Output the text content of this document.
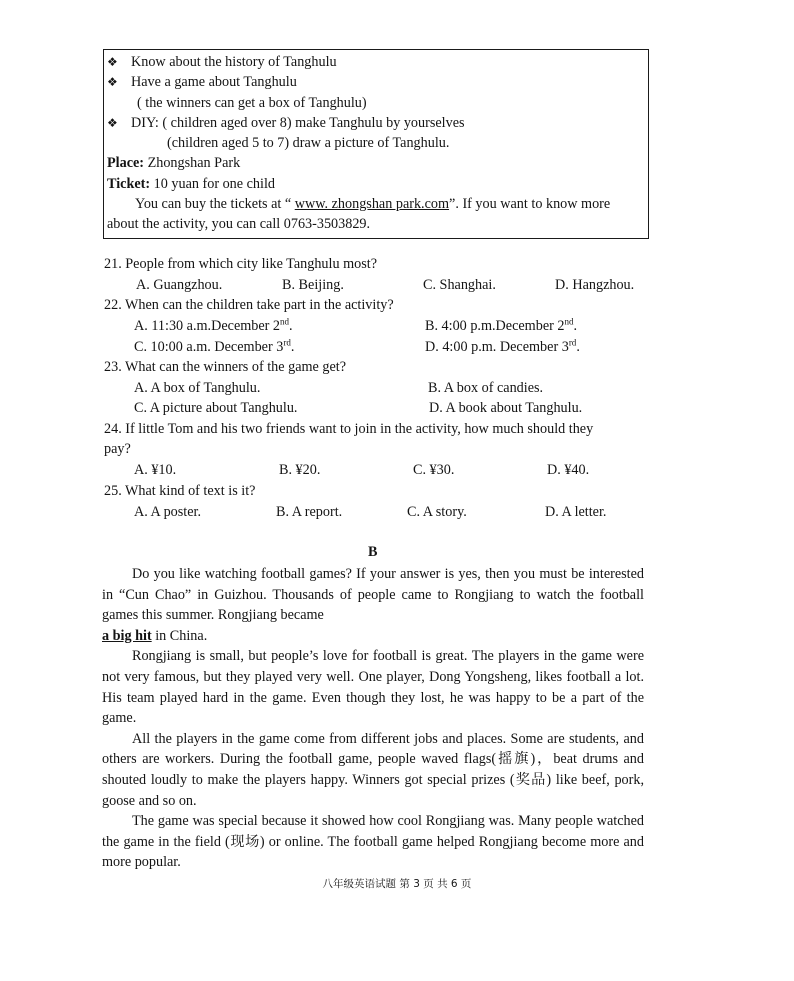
❖ Know about the history of Tanghulu
❖ Have a game about Tanghulu
( the winners can get a box of Tanghulu)
❖ DIY: ( children aged over 8) make Tanghulu by yourselves
(children aged 5 to 7) draw a picture of Tanghulu.
Place: Zhongshan Park
Ticket: 10 yuan for one child
You can buy the tickets at “ www. zhongshan park.com”. If you want to know more
about the activity, you can call 0763-3503829.
21. People from which city like Tanghulu most?
A. Guangzhou.	B. Beijing.	C. Shanghai.	D. Hangzhou.
22. When can the children take part in the activity?
A. 11:30 a.m.December 2nd.	B. 4:00 p.m.December 2nd.
C. 10:00 a.m. December 3rd.	D. 4:00 p.m. December 3rd.
23. What can the winners of the game get?
A. A box of Tanghulu.	B. A box of candies.
C. A picture about Tanghulu.	D. A book about Tanghulu.
24. If little Tom and his two friends want to join in the activity, how much should they
pay?
A. ¥10.	B. ¥20.	C. ¥30.	D. ¥40.
25. What kind of text is it?
A. A poster.	B. A report.	C. A story.	D. A letter.
B

Do you like watching football games? If your answer is yes, then you must be interested in “Cun Chao” in Guizhou. Thousands of people came to Rongjiang to watch the football games this summer. Rongjiang became

a big hit in China.

Rongjiang is small, but people’s love for football is great. The players in the game were not very famous, but they played very well. One player, Dong Yongsheng, likes football a lot. His team played hard in the game. Even though they lost, he was happy to be a part of the game.

All the players in the game come from different jobs and places. Some are students, and others are workers. During the football game, people waved flags(摇旗)，beat drums and shouted loudly to make the players happy. Winners got special prizes (奖品) like beef, pork, goose and so on.

The game was special because it showed how cool Rongjiang was. Many people watched the game in the field (现场) or online. The football game helped Rongjiang become more and more popular.

八年级英语试题 第 3 页 共 6 页
